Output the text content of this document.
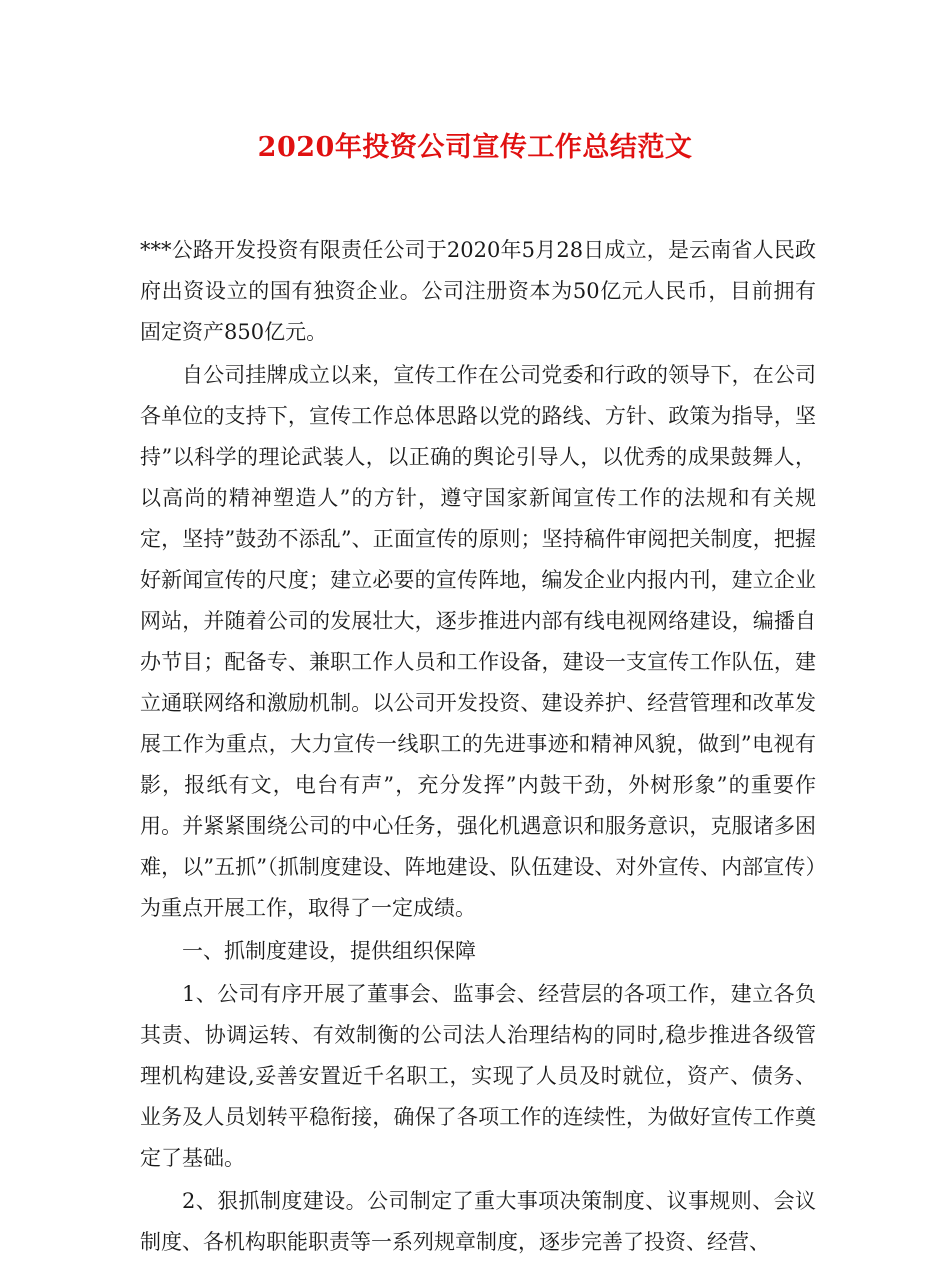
2020年投资公司宣传工作总结范文

***公路开发投资有限责任公司于2020年5月28日成立，是云南省人民政府出资设立的国有独资企业。公司注册资本为50亿元人民币，目前拥有固定资产850亿元。

自公司挂牌成立以来，宣传工作在公司党委和行政的领导下，在公司各单位的支持下，宣传工作总体思路以党的路线、方针、政策为指导，坚持”以科学的理论武装人，以正确的舆论引导人，以优秀的成果鼓舞人，以高尚的精神塑造人”的方针，遵守国家新闻宣传工作的法规和有关规定，坚持”鼓劲不添乱”、正面宣传的原则；坚持稿件审阅把关制度，把握好新闻宣传的尺度；建立必要的宣传阵地，编发企业内报内刊，建立企业网站，并随着公司的发展壮大，逐步推进内部有线电视网络建设，编播自办节目；配备专、兼职工作人员和工作设备，建设一支宣传工作队伍，建立通联网络和激励机制。以公司开发投资、建设养护、经营管理和改革发展工作为重点，大力宣传一线职工的先进事迹和精神风貌，做到”电视有影，报纸有文，电台有声”，充分发挥”内鼓干劲，外树形象”的重要作用。并紧紧围绕公司的中心任务，强化机遇意识和服务意识，克服诸多困难，以”五抓”（抓制度建设、阵地建设、队伍建设、对外宣传、内部宣传）为重点开展工作，取得了一定成绩。

一、抓制度建设，提供组织保障

1、公司有序开展了董事会、监事会、经营层的各项工作，建立各负其责、协调运转、有效制衡的公司法人治理结构的同时,稳步推进各级管理机构建设,妥善安置近千名职工，实现了人员及时就位，资产、债务、业务及人员划转平稳衔接，确保了各项工作的连续性，为做好宣传工作奠定了基础。

2、狠抓制度建设。公司制定了重大事项决策制度、议事规则、会议制度、各机构职能职责等一系列规章制度，逐步完善了投资、经营、
